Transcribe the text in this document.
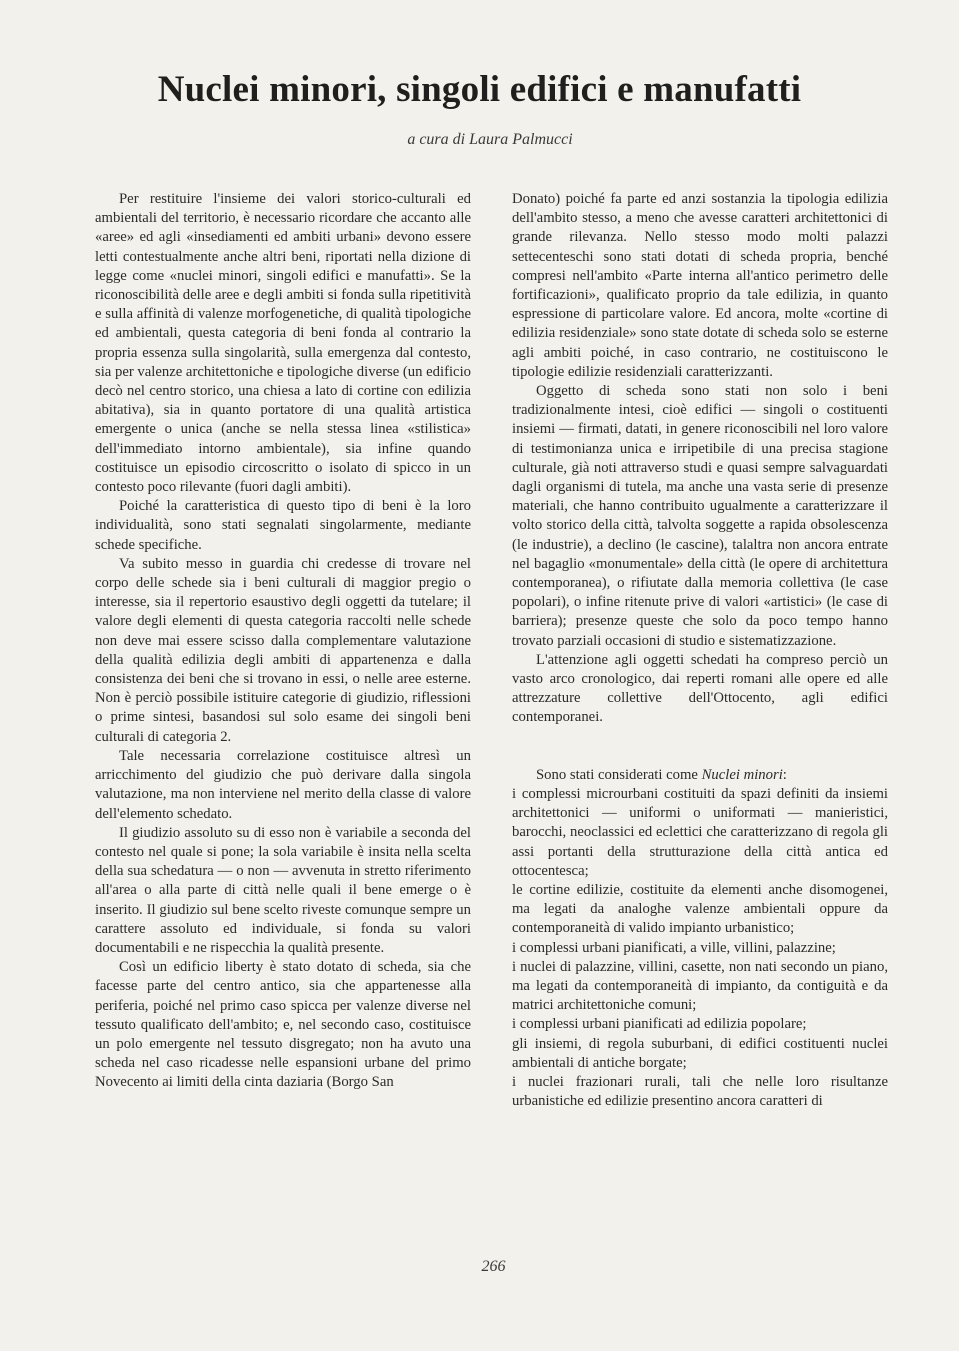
Nuclei minori, singoli edifici e manufatti
a cura di Laura Palmucci

Per restituire l'insieme dei valori storico-culturali ed ambientali del territorio, è necessario ricordare che accanto alle «aree» ed agli «insediamenti ed ambiti urbani» devono essere letti contestualmente anche altri beni, riportati nella dizione di legge come «nuclei minori, singoli edifici e manufatti». Se la riconoscibilità delle aree e degli ambiti si fonda sulla ripetitività e sulla affinità di valenze morfogenetiche, di qualità tipologiche ed ambientali, questa categoria di beni fonda al contrario la propria essenza sulla singolarità, sulla emergenza dal contesto, sia per valenze architettoniche e tipologiche diverse (un edificio decò nel centro storico, una chiesa a lato di cortine con edilizia abitativa), sia in quanto portatore di una qualità artistica emergente o unica (anche se nella stessa linea «stilistica» dell'immediato intorno ambientale), sia infine quando costituisce un episodio circoscritto o isolato di spicco in un contesto poco rilevante (fuori dagli ambiti).

Poiché la caratteristica di questo tipo di beni è la loro individualità, sono stati segnalati singolarmente, mediante schede specifiche.

Va subito messo in guardia chi credesse di trovare nel corpo delle schede sia i beni culturali di maggior pregio o interesse, sia il repertorio esaustivo degli oggetti da tutelare; il valore degli elementi di questa categoria raccolti nelle schede non deve mai essere scisso dalla complementare valutazione della qualità edilizia degli ambiti di appartenenza e dalla consistenza dei beni che si trovano in essi, o nelle aree esterne. Non è perciò possibile istituire categorie di giudizio, riflessioni o prime sintesi, basandosi sul solo esame dei singoli beni culturali di categoria 2.

Tale necessaria correlazione costituisce altresì un arricchimento del giudizio che può derivare dalla singola valutazione, ma non interviene nel merito della classe di valore dell'elemento schedato.

Il giudizio assoluto su di esso non è variabile a seconda del contesto nel quale si pone; la sola variabile è insita nella scelta della sua schedatura — o non — avvenuta in stretto riferimento all'area o alla parte di città nelle quali il bene emerge o è inserito. Il giudizio sul bene scelto riveste comunque sempre un carattere assoluto ed individuale, si fonda su valori documentabili e ne rispecchia la qualità presente.

Così un edificio liberty è stato dotato di scheda, sia che facesse parte del centro antico, sia che appartenesse alla periferia, poiché nel primo caso spicca per valenze diverse nel tessuto qualificato dell'ambito; e, nel secondo caso, costituisce un polo emergente nel tessuto disgregato; non ha avuto una scheda nel caso ricadesse nelle espansioni urbane del primo Novecento ai limiti della cinta daziaria (Borgo San

Donato) poiché fa parte ed anzi sostanzia la tipologia edilizia dell'ambito stesso, a meno che avesse caratteri architettonici di grande rilevanza. Nello stesso modo molti palazzi settecenteschi sono stati dotati di scheda propria, benché compresi nell'ambito «Parte interna all'antico perimetro delle fortificazioni», qualificato proprio da tale edilizia, in quanto espressione di particolare valore. Ed ancora, molte «cortine di edilizia residenziale» sono state dotate di scheda solo se esterne agli ambiti poiché, in caso contrario, ne costituiscono le tipologie edilizie residenziali caratterizzanti.

Oggetto di scheda sono stati non solo i beni tradizionalmente intesi, cioè edifici — singoli o costituenti insiemi — firmati, datati, in genere riconoscibili nel loro valore di testimonianza unica e irripetibile di una precisa stagione culturale, già noti attraverso studi e quasi sempre salvaguardati dagli organismi di tutela, ma anche una vasta serie di presenze materiali, che hanno contribuito ugualmente a caratterizzare il volto storico della città, talvolta soggette a rapida obsolescenza (le industrie), a declino (le cascine), talaltra non ancora entrate nel bagaglio «monumentale» della città (le opere di architettura contemporanea), o rifiutate dalla memoria collettiva (le case popolari), o infine ritenute prive di valori «artistici» (le case di barriera); presenze queste che solo da poco tempo hanno trovato parziali occasioni di studio e sistematizzazione.

L'attenzione agli oggetti schedati ha compreso perciò un vasto arco cronologico, dai reperti romani alle opere ed alle attrezzature collettive dell'Ottocento, agli edifici contemporanei.

Sono stati considerati come Nuclei minori:

i complessi microurbani costituiti da spazi definiti da insiemi architettonici — uniformi o uniformati — manieristici, barocchi, neoclassici ed eclettici che caratterizzano di regola gli assi portanti della strutturazione della città antica ed ottocentesca;

le cortine edilizie, costituite da elementi anche disomogenei, ma legati da analoghe valenze ambientali oppure da contemporaneità di valido impianto urbanistico;

i complessi urbani pianificati, a ville, villini, palazzine;

i nuclei di palazzine, villini, casette, non nati secondo un piano, ma legati da contemporaneità di impianto, da contiguità e da matrici architettoniche comuni;

i complessi urbani pianificati ad edilizia popolare;

gli insiemi, di regola suburbani, di edifici costituenti nuclei ambientali di antiche borgate;

i nuclei frazionari rurali, tali che nelle loro risultanze urbanistiche ed edilizie presentino ancora caratteri di

266
